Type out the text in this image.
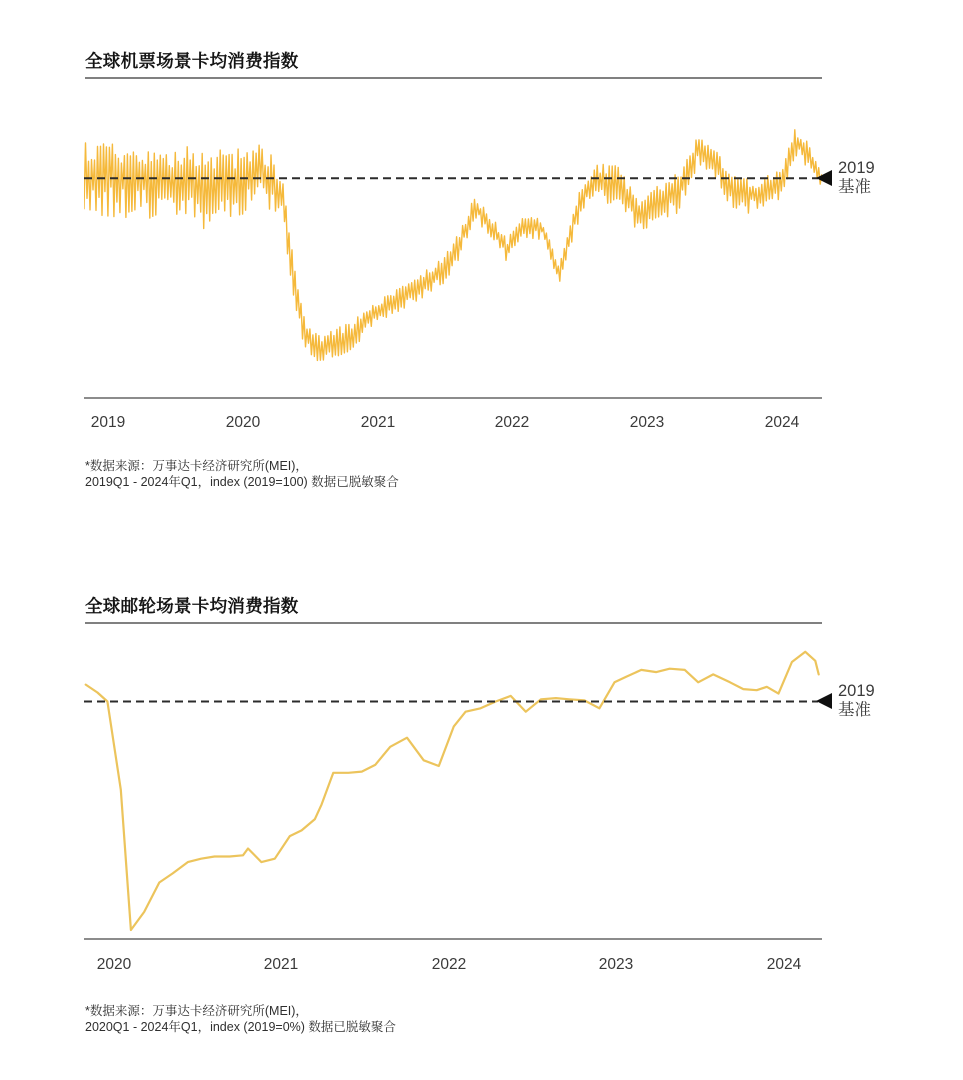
全球机票场景卡均消费指数
2019
基准
2019	2020	2021	2022	2023	2024

*数据来源：万事达卡经济研究所(MEI)，
2019Q1 - 2024年Q1，index (2019=100) 数据已脱敏聚合

全球邮轮场景卡均消费指数
2019
基准
2020	2021	2022	2023	2024

*数据来源：万事达卡经济研究所(MEI)，
2020Q1 - 2024年Q1，index (2019=0%) 数据已脱敏聚合
